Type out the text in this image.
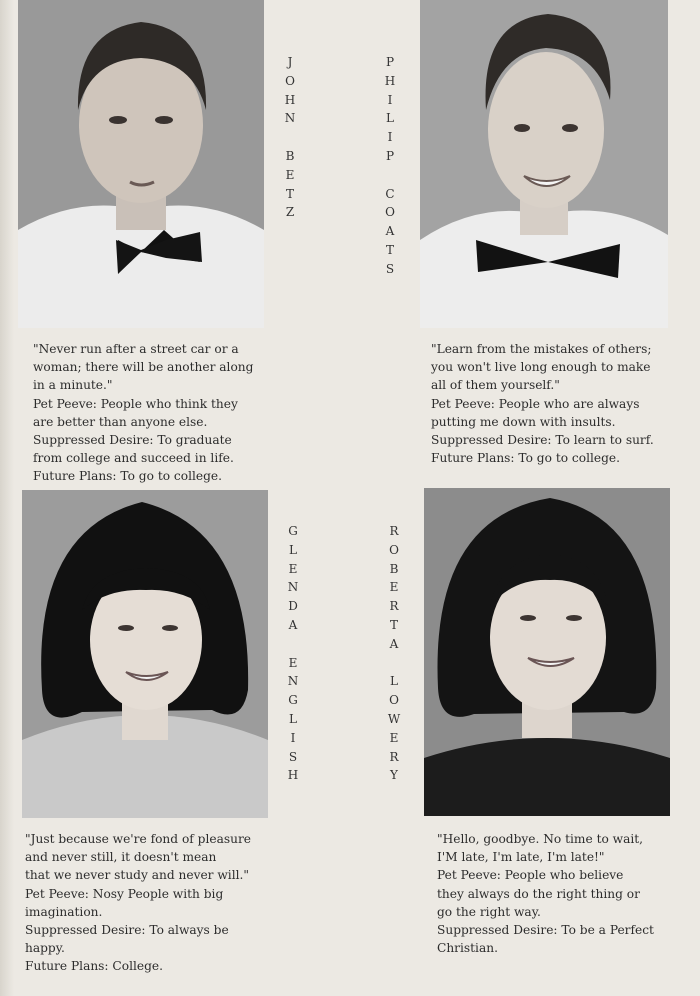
J
O
H
N

B
E
T
Z
"Never run after a street car or a
woman; there will be another along
in a minute."
Pet Peeve: People who think they
are better than anyone else.
Suppressed Desire: To graduate
from college and succeed in life.
Future Plans: To go to college.
P
H
I
L
I
P

C
O
A
T
S
"Learn from the mistakes of others;
you won't live long enough to make
all of them yourself."
Pet Peeve: People who are always
putting me down with insults.
Suppressed Desire: To learn to surf.
Future Plans: To go to college.
G
L
E
N
D
A

E
N
G
L
I
S
H
"Just because we're fond of pleasure
and never still, it doesn't mean
that we never study and never will."
Pet Peeve: Nosy People with big
imagination.
Suppressed Desire: To always be
happy.
Future Plans: College.
R
O
B
E
R
T
A

L
O
W
E
R
Y
"Hello, goodbye. No time to wait,
I'M late, I'm late, I'm late!"
Pet Peeve: People who believe
they always do the right thing or
go the right way.
Suppressed Desire: To be a Perfect
Christian.
